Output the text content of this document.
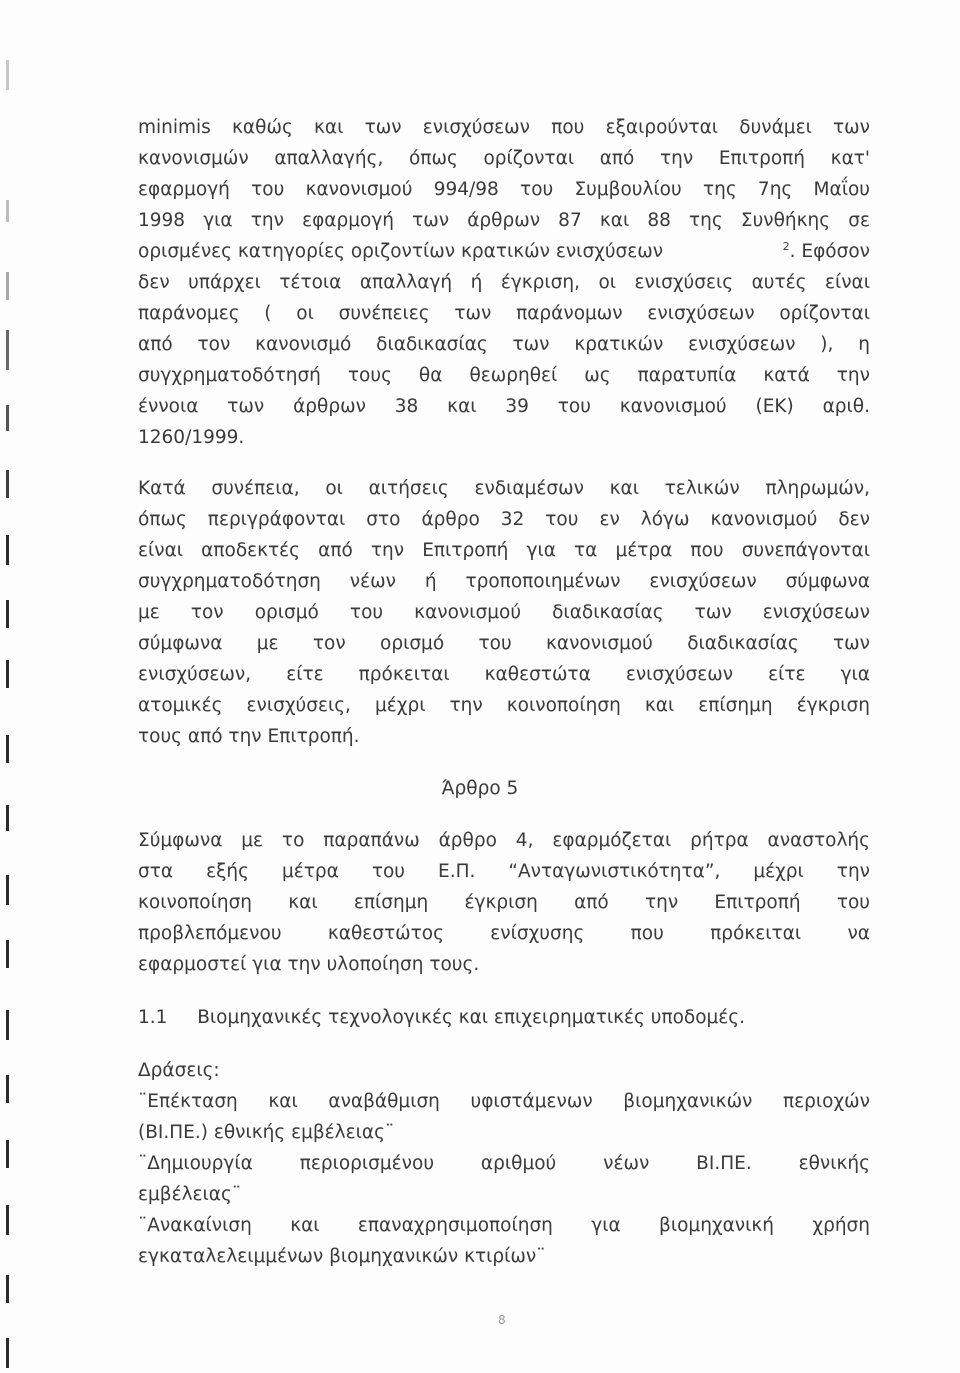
minimis καθώς και των ενισχύσεων που εξαιρούνται δυνάμει των
κανονισμών απαλλαγής, όπως ορίζονται από την Επιτροπή κατ'
εφαρμογή του κανονισμού 994/98 του Συμβουλίου της 7ης Μαΐου
1998 για την εφαρμογή των άρθρων 87 και 88 της Συνθήκης σε
ορισμένες κατηγορίες οριζοντίων κρατικών ενισχύσεων	$^2$. Εφόσον
δεν υπάρχει τέτοια απαλλαγή ή έγκριση, οι ενισχύσεις αυτές είναι
παράνομες ( οι συνέπειες των παράνομων ενισχύσεων ορίζονται
από τον κανονισμό διαδικασίας των κρατικών ενισχύσεων ), η
συγχρηματοδότησή τους θα θεωρηθεί ως παρατυπία κατά την
έννοια των άρθρων 38 και 39 του κανονισμού (ΕΚ) αριθ.
1260/1999.
Κατά συνέπεια, οι αιτήσεις ενδιαμέσων και τελικών πληρωμών,
όπως περιγράφονται στο άρθρο 32 του εν λόγω κανονισμού δεν
είναι αποδεκτές από την Επιτροπή για τα μέτρα που συνεπάγονται
συγχρηματοδότηση νέων ή τροποποιημένων ενισχύσεων σύμφωνα
με τον ορισμό του κανονισμού διαδικασίας των ενισχύσεων
σύμφωνα με τον ορισμό του κανονισμού διαδικασίας των
ενισχύσεων, είτε πρόκειται καθεστώτα ενισχύσεων είτε για
ατομικές ενισχύσεις, μέχρι την κοινοποίηση και επίσημη έγκριση
τους από την Επιτροπή.
Άρθρο 5
Σύμφωνα με το παραπάνω άρθρο 4, εφαρμόζεται ρήτρα αναστολής
στα εξής μέτρα του Ε.Π. “Ανταγωνιστικότητα”, μέχρι την
κοινοποίηση και επίσημη έγκριση από την Επιτροπή του
προβλεπόμενου καθεστώτος ενίσχυσης που πρόκειται να
εφαρμοστεί για την υλοποίηση τους.
1.1 Βιομηχανικές τεχνολογικές και επιχειρηματικές υποδομές.
Δράσεις:
¨Επέκταση και αναβάθμιση υφιστάμενων βιομηχανικών περιοχών
(ΒΙ.ΠΕ.) εθνικής εμβέλειας¨
¨Δημιουργία περιορισμένου αριθμού νέων ΒΙ.ΠΕ. εθνικής
εμβέλειας¨
¨Ανακαίνιση και επαναχρησιμοποίηση για βιομηχανική χρήση
εγκαταλελειμμένων βιομηχανικών κτιρίων¨
8
